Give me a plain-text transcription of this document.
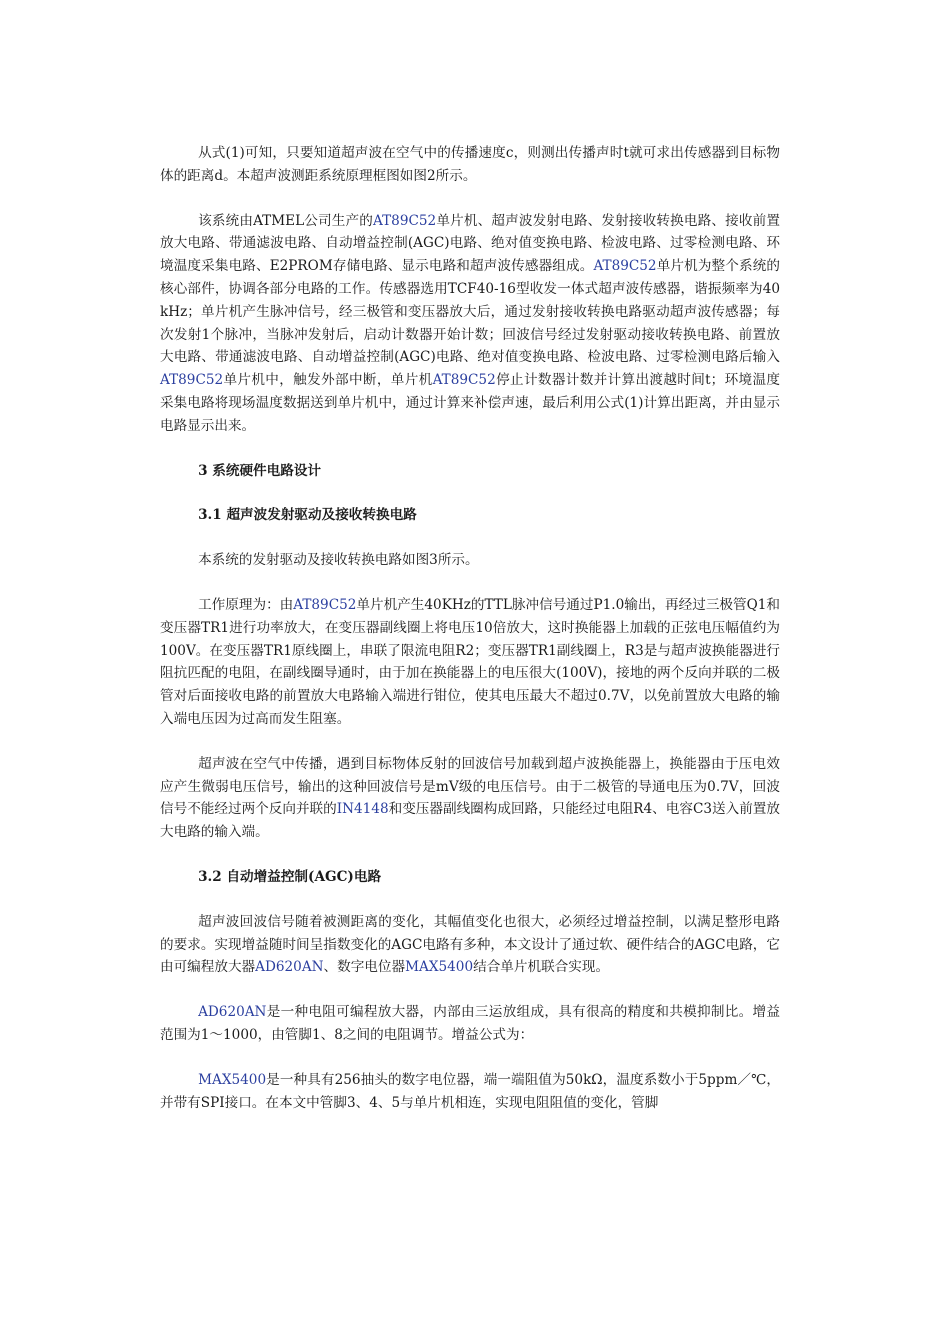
从式(1)可知，只要知道超声波在空气中的传播速度c，则测出传播声时t就可求出传感器到目标物体的距离d。本超声波测距系统原理框图如图2所示。

该系统由ATMEL公司生产的AT89C52单片机、超声波发射电路、发射接收转换电路、接收前置放大电路、带通滤波电路、自动增益控制(AGC)电路、绝对值变换电路、检波电路、过零检测电路、环境温度采集电路、E2PROM存储电路、显示电路和超声波传感器组成。AT89C52单片机为整个系统的核心部件，协调各部分电路的工作。传感器选用TCF40-16型收发一体式超声波传感器，谐振频率为40kHz；单片机产生脉冲信号，经三极管和变压器放大后，通过发射接收转换电路驱动超声波传感器；每次发射1个脉冲，当脉冲发射后，启动计数器开始计数；回波信号经过发射驱动接收转换电路、前置放大电路、带通滤波电路、自动增益控制(AGC)电路、绝对值变换电路、检波电路、过零检测电路后输入AT89C52单片机中，触发外部中断，单片机AT89C52停止计数器计数并计算出渡越时间t；环境温度采集电路将现场温度数据送到单片机中，通过计算来补偿声速，最后利用公式(1)计算出距离，并由显示电路显示出来。

3 系统硬件电路设计
3.1 超声波发射驱动及接收转换电路

本系统的发射驱动及接收转换电路如图3所示。

工作原理为：由AT89C52单片机产生40KHz的TTL脉冲信号通过P1.0输出，再经过三极管Q1和变压器TR1进行功率放大，在变压器副线圈上将电压10倍放大，这时换能器上加载的正弦电压幅值约为100V。在变压器TR1原线圈上，串联了限流电阻R2；变压器TR1副线圈上，R3是与超声波换能器进行阻抗匹配的电阻，在副线圈导通时，由于加在换能器上的电压很大(100V)，接地的两个反向并联的二极管对后面接收电路的前置放大电路输入端进行钳位，使其电压最大不超过0.7V，以免前置放大电路的输入端电压因为过高而发生阻塞。

超声波在空气中传播，遇到目标物体反射的回波信号加载到超卢波换能器上，换能器由于压电效应产生微弱电压信号，输出的这种回波信号是mV级的电压信号。由于二极管的导通电压为0.7V，回波信号不能经过两个反向并联的IN4148和变压器副线圈构成回路，只能经过电阻R4、电容C3送入前置放大电路的输入端。

3.2 自动增益控制(AGC)电路

超声波回波信号随着被测距离的变化，其幅值变化也很大，必须经过增益控制，以满足整形电路的要求。实现增益随时间呈指数变化的AGC电路有多种，本文设计了通过软、硬件结合的AGC电路，它由可编程放大器AD620AN、数字电位器MAX5400结合单片机联合实现。

AD620AN是一种电阻可编程放大器，内部由三运放组成，具有很高的精度和共模抑制比。增益范围为1～1000，由管脚1、8之间的电阻调节。增益公式为：

MAX5400是一种具有256抽头的数字电位器，端一端阻值为50kΩ，温度系数小于5ppm／℃，并带有SPI接口。在本文中管脚3、4、5与单片机相连，实现电阻阻值的变化，管脚
